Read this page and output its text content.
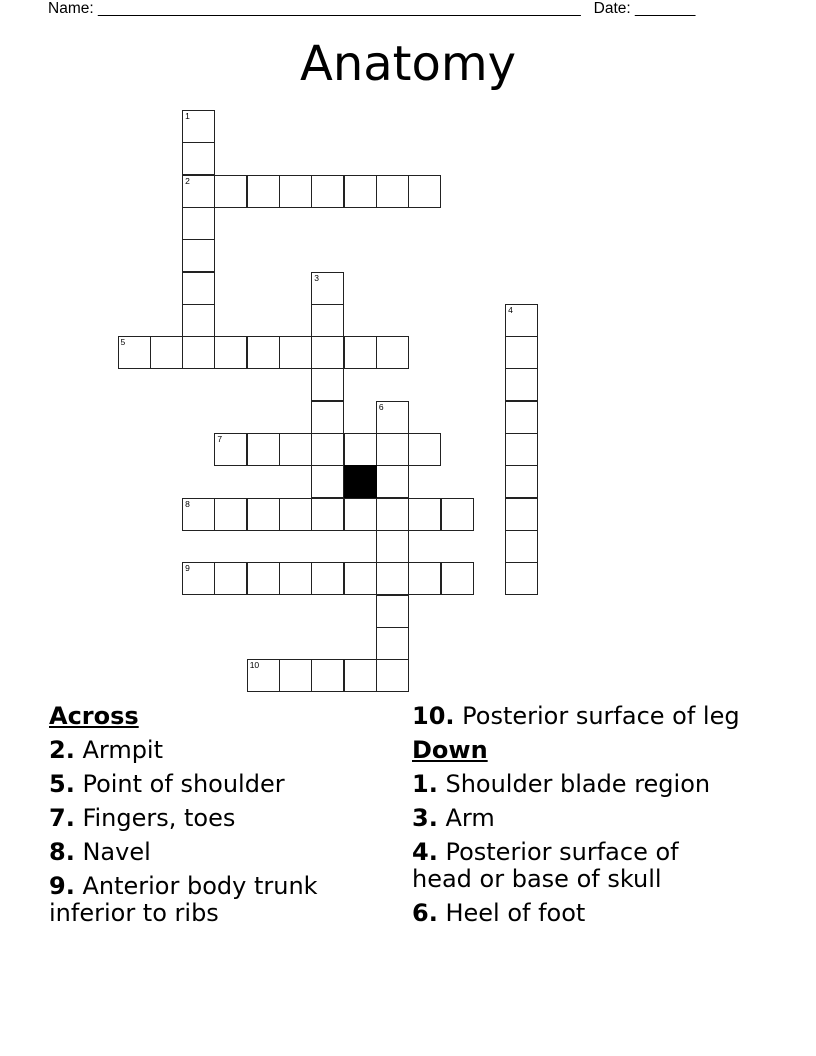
Name: ________________________________________________________ Date: _______
Anatomy
1
2
3
4
5
6
7
8
9
10
Across
2. Armpit
5. Point of shoulder
7. Fingers, toes
8. Navel
9. Anterior body trunk inferior to ribs
10. Posterior surface of leg
Down
1. Shoulder blade region
3. Arm
4. Posterior surface of head or base of skull
6. Heel of foot
